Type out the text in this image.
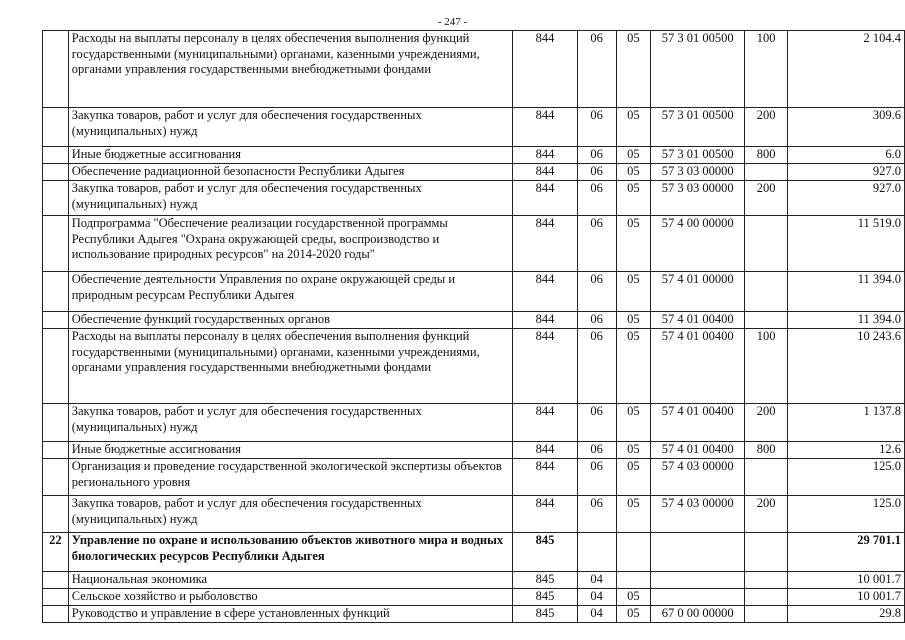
- 247 -
	Расходы на выплаты персоналу в целях обеспечения выполнения функций государственными (муниципальными) органами, казенными учреждениями, органами управления государственными внебюджетными фондами	844	06	05	57 3 01 00500	100	2 104.4
	Закупка товаров, работ и услуг для обеспечения государственных (муниципальных) нужд	844	06	05	57 3 01 00500	200	309.6
	Иные бюджетные ассигнования	844	06	05	57 3 01 00500	800	6.0
	Обеспечение радиационной безопасности Республики Адыгея	844	06	05	57 3 03 00000		927.0
	Закупка товаров, работ и услуг для обеспечения государственных (муниципальных) нужд	844	06	05	57 3 03 00000	200	927.0
	Подпрограмма "Обеспечение реализации государственной программы Республики Адыгея "Охрана окружающей среды, воспроизводство и использование природных ресурсов" на 2014-2020 годы"	844	06	05	57 4 00 00000		11 519.0
	Обеспечение деятельности Управления по охране окружающей среды и природным ресурсам Республики Адыгея	844	06	05	57 4 01 00000		11 394.0
	Обеспечение функций государственных органов	844	06	05	57 4 01 00400		11 394.0
	Расходы на выплаты персоналу в целях обеспечения выполнения функций государственными (муниципальными) органами, казенными учреждениями, органами управления государственными внебюджетными фондами	844	06	05	57 4 01 00400	100	10 243.6
	Закупка товаров, работ и услуг для обеспечения государственных (муниципальных) нужд	844	06	05	57 4 01 00400	200	1 137.8
	Иные бюджетные ассигнования	844	06	05	57 4 01 00400	800	12.6
	Организация и проведение государственной экологической экспертизы объектов регионального уровня	844	06	05	57 4 03 00000		125.0
	Закупка товаров, работ и услуг для обеспечения государственных (муниципальных) нужд	844	06	05	57 4 03 00000	200	125.0
22	Управление по охране и использованию объектов животного мира и водных биологических ресурсов Республики Адыгея	845					29 701.1
	Национальная экономика	845	04				10 001.7
	Сельское хозяйство и рыболовство	845	04	05			10 001.7
	Руководство и управление в сфере установленных функций	845	04	05	67 0 00 00000		29.8
